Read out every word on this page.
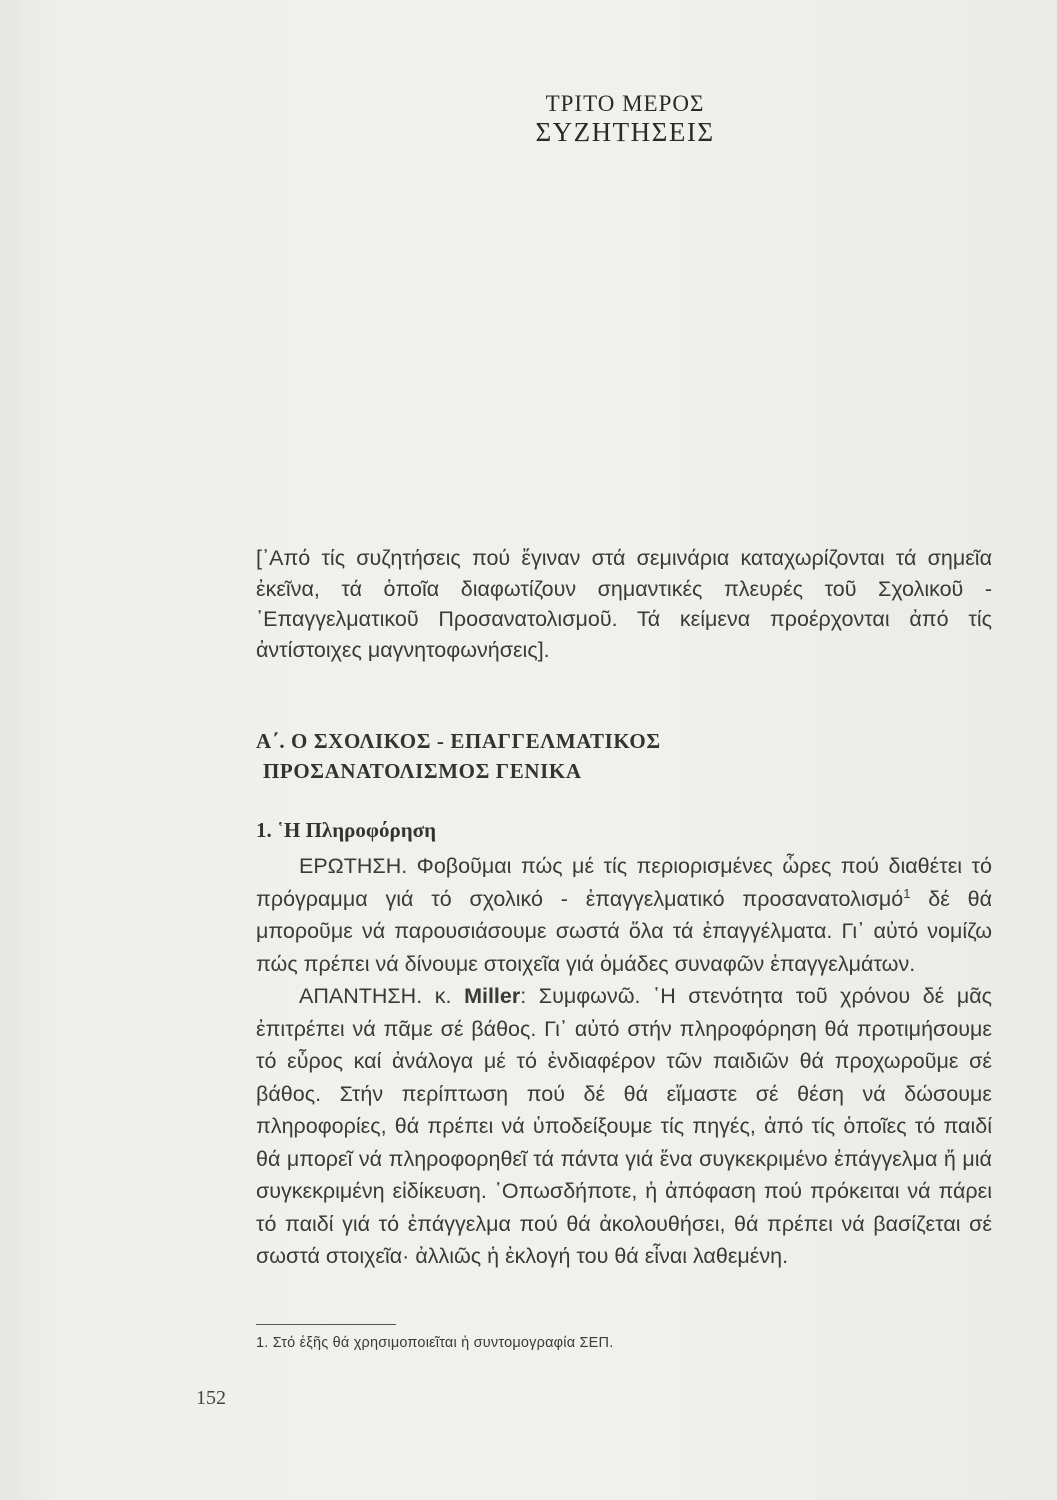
ΤΡΙΤΟ ΜΕΡΟΣ
ΣΥΖΗΤΗΣΕΙΣ
[᾿Από τίς συζητήσεις πού ἔγιναν στά σεμινάρια καταχωρίζονται τά σημεῖα ἐκεῖνα, τά ὁποῖα διαφωτίζουν σημαντικές πλευρές τοῦ Σχολικοῦ - ᾿Επαγγελματικοῦ Προσανατολισμοῦ. Τά κείμενα προέρχονται ἀπό τίς ἀντίστοιχες μαγνητοφωνήσεις].
Α΄. Ο ΣΧΟΛΙΚΟΣ - ΕΠΑΓΓΕΛΜΑΤΙΚΟΣ
ΠΡΟΣΑΝΑΤΟΛΙΣΜΟΣ ΓΕΝΙΚΑ
1. ῾Η Πληροφόρηση

  ΕΡΩΤΗΣΗ. Φοβοῦμαι πώς μέ τίς περιορισμένες ὧρες πού διαθέτει τό πρόγραμμα γιά τό σχολικό - ἐπαγγελματικό προσανατολισμό$^1$ δέ θά μποροῦμε νά παρουσιάσουμε σωστά ὅλα τά ἐπαγγέλματα. Γι᾿ αὐτό νομίζω πώς πρέπει νά δίνουμε στοιχεῖα γιά ὁμάδες συναφῶν ἐπαγγελμάτων.

  ΑΠΑΝΤΗΣΗ. κ. Miller: Συμφωνῶ. ῾Η στενότητα τοῦ χρόνου δέ μᾶς ἐπιτρέπει νά πᾶμε σέ βάθος. Γι᾿ αὐτό στήν πληροφόρηση θά προτιμήσουμε τό εὖρος καί ἀνάλογα μέ τό ἐνδιαφέρον τῶν παιδιῶν θά προχωροῦμε σέ βάθος. Στήν περίπτωση πού δέ θά εἴμαστε σέ θέση νά δώσουμε πληροφορίες, θά πρέπει νά ὑποδείξουμε τίς πηγές, ἀπό τίς ὁποῖες τό παιδί θά μπορεῖ νά πληροφορηθεῖ τά πάντα γιά ἕνα συγκεκριμένο ἐπάγγελμα ἤ μιά συγκεκριμένη εἰδίκευση. ῾Οπωσδήποτε, ἡ ἀπόφαση πού πρόκειται νά πάρει τό παιδί γιά τό ἐπάγγελμα πού θά ἀκολουθήσει, θά πρέπει νά βασίζεται σέ σωστά στοιχεῖα· ἀλλιῶς ἡ ἐκλογή του θά εἶναι λαθεμένη.

1. Στό ἑξῆς θά χρησιμοποιεῖται ἡ συντομογραφία ΣΕΠ.
152
